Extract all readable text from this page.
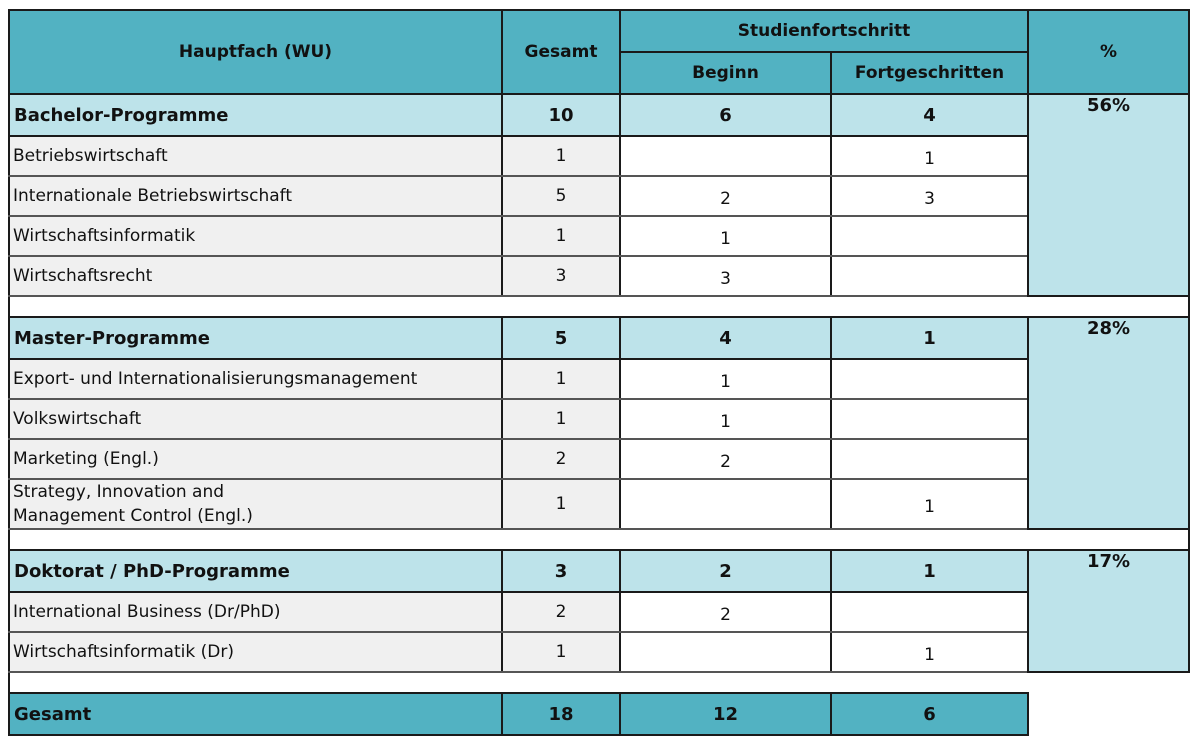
Hauptfach (WU)	Gesamt	Studienfortschritt		%
		Beginn	Fortgeschritten	
Bachelor-Programme	10	6	4	56%
Betriebswirtschaft	1		1	
Internationale Betriebswirtschaft	5	2	3	
Wirtschaftsinformatik	1	1		
Wirtschaftsrecht	3	3		

Master-Programme	5	4	1	28%
Export- und Internationalisierungsmanagement	1	1		
Volkswirtschaft	1	1		
Marketing (Engl.)	2	2		

Strategy, Innovation and
Management Control (Engl.)	1		1	

Doktorat / PhD-Programme	3	2	1	17%
International Business (Dr/PhD)	2	2		
Wirtschaftsinformatik (Dr)	1		1	

Gesamt	18	12	6	
